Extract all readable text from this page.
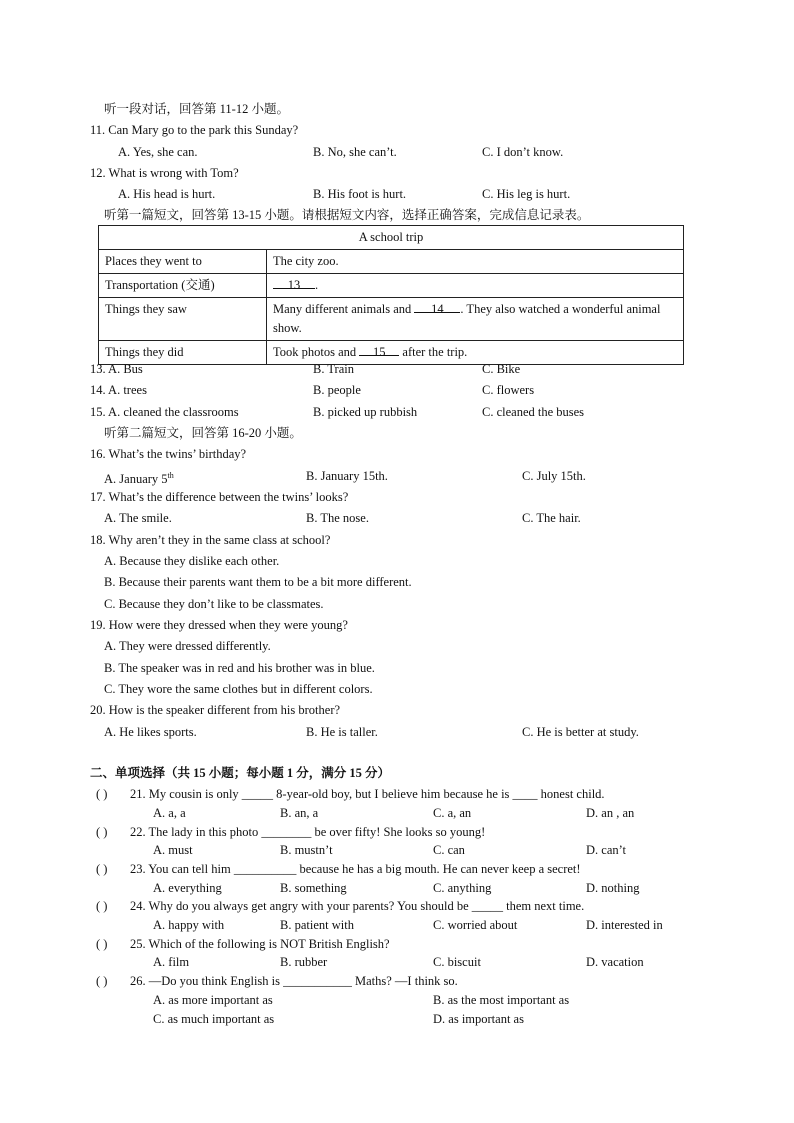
听一段对话，回答第 11-12 小题。
11. Can Mary go to the park this Sunday?
A. Yes, she can.	B. No, she can’t.	C. I don’t know.
12. What is wrong with Tom?
A. His head is hurt.	B. His foot is hurt.	C. His leg is hurt.
听第一篇短文，回答第 13-15 小题。请根据短文内容，选择正确答案，完成信息记录表。
A school trip	
Places they went to	The city zoo.
Transportation (交通)	13 .
Things they saw	Many different animals and 14 . They also watched a wonderful animal show.
Things they did	Took photos and 15 after the trip.
13. A. Bus	B. Train	C. Bike
14. A. trees	B. people	C. flowers
15. A. cleaned the classrooms	B. picked up rubbish	C. cleaned the buses
听第二篇短文，回答第 16-20 小题。
16. What’s the twins’ birthday?
A. January 5th	B. January 15th.	C. July 15th.
17. What’s the difference between the twins’ looks?
A. The smile.	B. The nose.	C. The hair.
18. Why aren’t they in the same class at school?
A. Because they dislike each other.
B. Because their parents want them to be a bit more different.
C. Because they don’t like to be classmates.
19. How were they dressed when they were young?
A. They were dressed differently.
B. The speaker was in red and his brother was in blue.
C. They wore the same clothes but in different colors.
20. How is the speaker different from his brother?
A. He likes sports.	B. He is taller.	C. He is better at study.
二、单项选择（共 15 小题；每小题 1 分，满分 15 分）
( ) 21. My cousin is only _____ 8-year-old boy, but I believe him because he is ____ honest child.
A. a, a	B. an, a	C. a, an	D. an , an
( ) 22. The lady in this photo ________ be over fifty! She looks so young!
A. must	B. mustn’t	C. can	D. can’t
( ) 23. You can tell him __________ because he has a big mouth. He can never keep a secret!
A. everything	B. something	C. anything	D. nothing
( ) 24. Why do you always get angry with your parents? You should be _____ them next time.
A. happy with	B. patient with	C. worried about	D. interested in
( ) 25. Which of the following is NOT British English?
A. film	B. rubber	C. biscuit	D. vacation
( ) 26. —Do you think English is ___________ Maths? —I think so.
A. as more important as	B. as the most important as
C. as much important as	D. as important as
